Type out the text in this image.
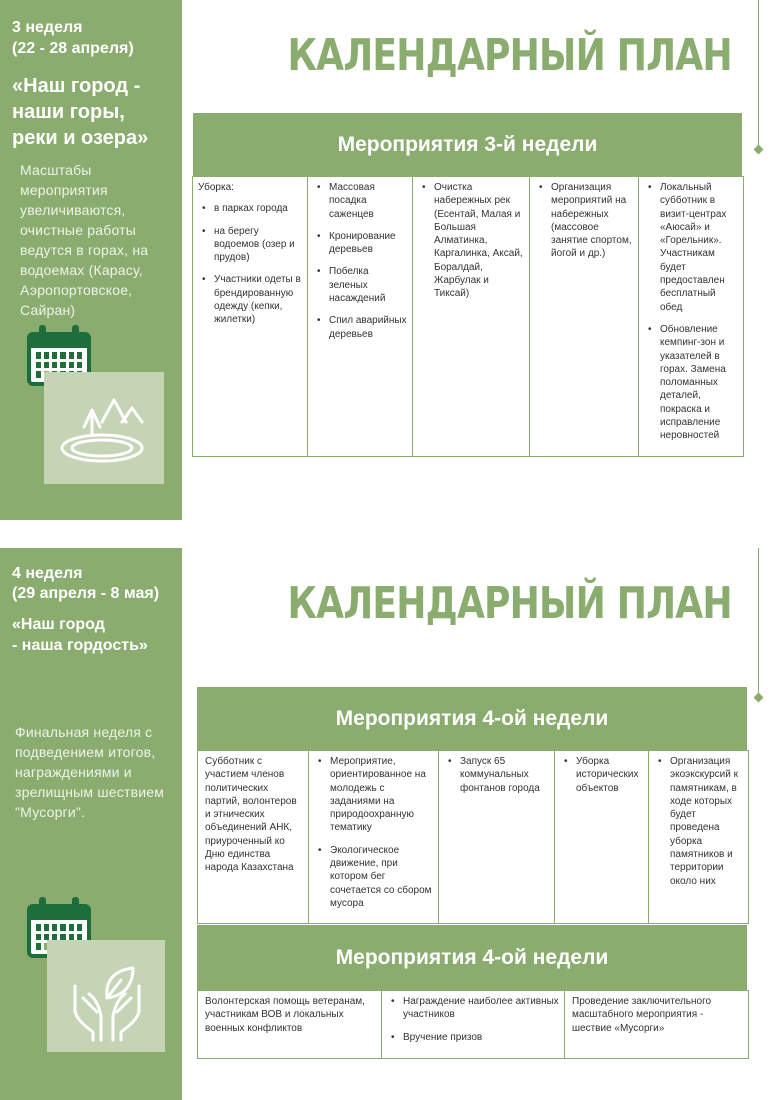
3 неделя
(22 - 28 апреля)
«Наш город -
наши горы,
реки и озера»
Масштабы мероприятия увеличиваются, очистные работы ведутся в горах, на водоемах (Карасу, Аэропортовское, Сайран)
КАЛЕНДАРНЫЙ ПЛАН
Мероприятия 3-й недели
Уборка:
• в парках города
• на берегу водоемов (озер и прудов)
• Участники одеты в брендированную одежду (кепки, жилетки)

• Массовая посадка саженцев
• Кронирование деревьев
• Побелка зеленых насаждений
• Спил аварийных деревьев

• Очистка набережных рек (Есентай, Малая и Большая Алматинка, Каргалинка, Аксай, Боралдай, Жарбулак и Тиксай)

• Организация мероприятий на набережных (массовое занятие спортом, йогой и др.)

• Локальный субботник в визит-центрах «Аюсай» и «Горельник». Участникам будет предоставлен бесплатный обед
• Обновление кемпинг-зон и указателей в горах. Замена поломанных деталей, покраска и исправление неровностей
4 неделя
(29 апреля - 8 мая)
«Наш город
- наша гордость»
Финальная неделя с подведением итогов, награждениями и зрелищным шествием "Мусорги".
КАЛЕНДАРНЫЙ ПЛАН
Мероприятия 4-ой недели
Субботник с участием членов политических партий, волонтеров и этнических объединений АНК, приуроченный ко Дню единства народа Казахстана

• Мероприятие, ориентированное на молодежь с заданиями на природоохранную тематику
• Экологическое движение, при котором бег сочетается со сбором мусора

• Запуск 65 коммунальных фонтанов города

• Уборка исторических объектов

• Организация экоэкскурсий к памятникам, в ходе которых будет проведена уборка памятников и территории около них
Мероприятия 4-ой недели
Волонтерская помощь ветеранам, участникам ВОВ и локальных военных конфликтов

• Награждение наиболее активных участников
• Вручение призов

Проведение заключительного масштабного мероприятия - шествие «Мусорги»
